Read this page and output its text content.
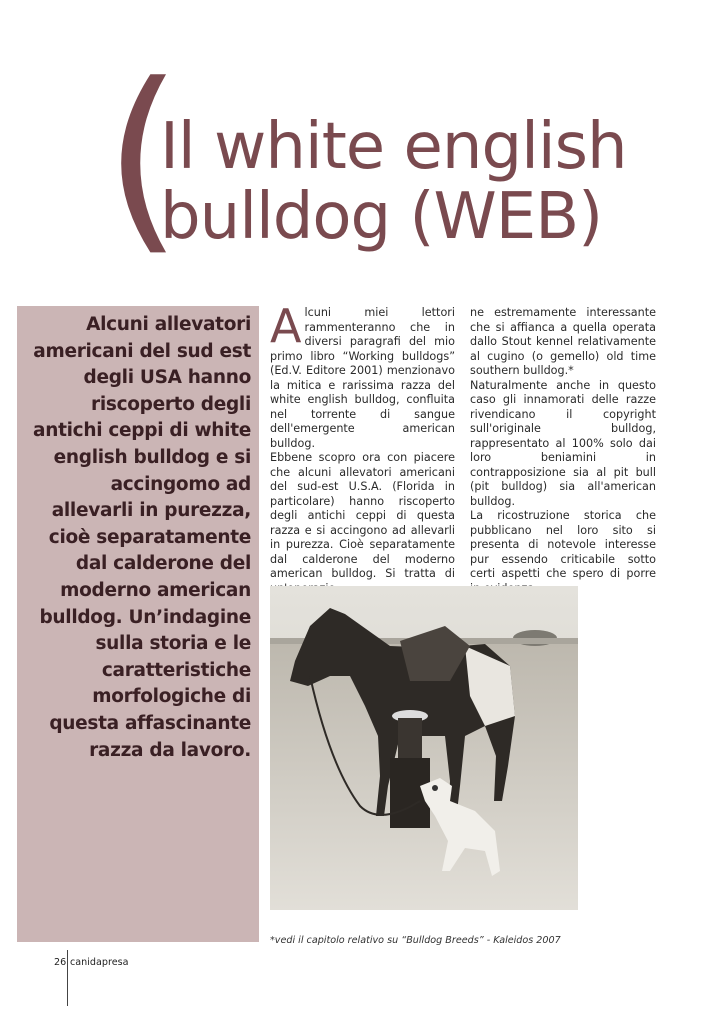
(
Il white english
bulldog (WEB)
Alcuni allevatori americani del sud est degli USA hanno riscoperto degli antichi ceppi di white english bulldog e si accingomo ad allevarli in purezza, cioè separatamente dal calderone del moderno american bulldog. Un’indagine sulla storia e le caratteristiche morfologiche di questa affascinante razza da lavoro.

Alcuni miei lettori rammenteranno che in diversi paragrafi del mio primo libro “Working bulldogs” (Ed.V. Editore 2001) menzionavo la mitica e rarissima razza del white english bulldog, confluita nel torrente di sangue dell'emergente american bulldog.

Ebbene scopro ora con piacere che alcuni allevatori americani del sud-est U.S.A. (Florida in particolare) hanno riscoperto degli antichi ceppi di questa razza e si accingono ad allevarli in purezza. Cioè separatamente dal calderone del moderno american bulldog. Si tratta di

ne estremamente interessante che si affianca a quella operata dallo Stout kennel relativamente al cugino (o gemello) old time southern bulldog.*

Naturalmente anche in questo caso gli innamorati delle razze rivendicano il copyright sull'originale bulldog, rappresentato al 100% solo dai loro beniamini in contrapposizione sia al pit bull (pit bulldog) sia all'american bulldog.

La ricostruzione storica che pubblicano nel loro sito si presenta di notevole interesse pur essendo criticabile sotto certi aspetti che spero di porre

*vedi il capitolo relativo su “Bulldog Breeds” - Kaleidos 2007
26 canidapresa
